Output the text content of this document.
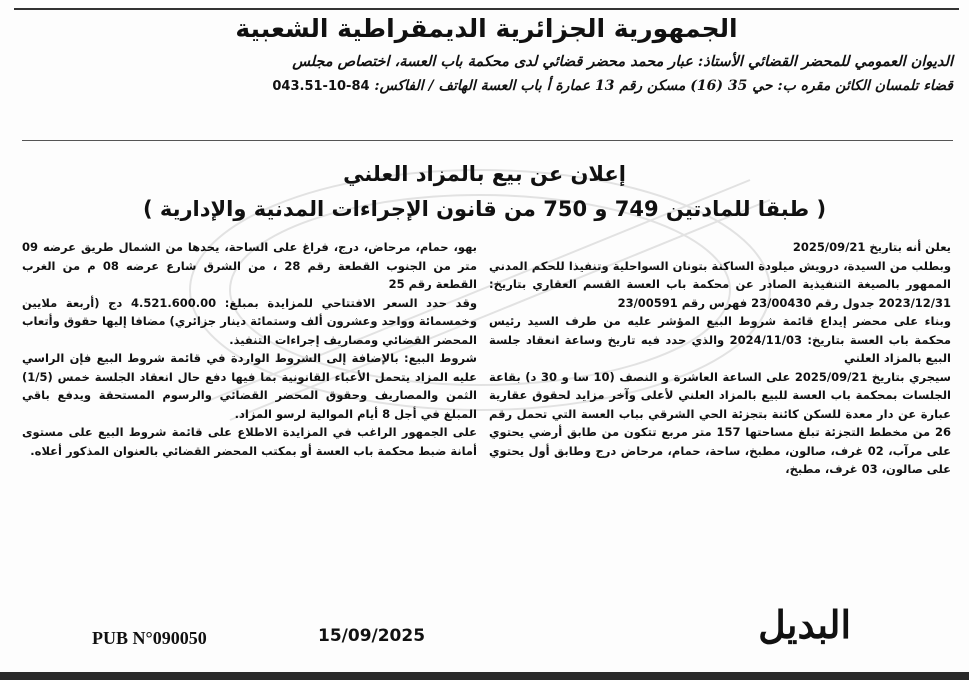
الجمهورية الجزائرية الديمقراطية الشعبية
الديوان العمومي للمحضر القضائي الأستاذ: عبار محمد محضر قضائي لدى محكمة باب العسة، اختصاص مجلس
قضاء تلمسان الكائن مقره ب: حي 35 (16) مسكن رقم 13 عمارة أ باب العسة الهاتف / الفاكس: 043.51-10-84
إعلان عن بيع بالمزاد العلني
( طبقا للمادتين 749 و 750 من قانون الإجراءات المدنية والإدارية )

يعلن أنه بتاريخ 2025/09/21

وبطلب من السيدة، درويش ميلودة الساكنة بتونان السواحلية وتنفيذا للحكم المدني الممهور بالصيغة التنفيذية الصادر عن محكمة باب العسة القسم العقاري بتاريخ: 2023/12/31 جدول رقم 23/00430 فهرس رقم 23/00591

وبناء على محضر إيداع قائمة شروط البيع المؤشر عليه من طرف السيد رئيس محكمة باب العسة بتاريخ: 2024/11/03 والذي حدد فيه تاريخ وساعة انعقاد جلسة البيع بالمزاد العلني

سيجري بتاريخ 2025/09/21 على الساعة العاشرة و النصف (10 سا و 30 د) بقاعة الجلسات بمحكمة باب العسة للبيع بالمزاد العلني لأعلى وآخر مزايد لحقوق عقارية عبارة عن دار معدة للسكن كائنة بتجزئة الحي الشرقي بباب العسة التي تحمل رقم 26 من مخطط التجزئة تبلغ مساحتها 157 متر مربع تتكون من طابق أرضي يحتوي على مرآب، 02 غرف، صالون، مطبخ، ساحة، حمام، مرحاض درج وطابق أول يحتوي على صالون، 03 غرف، مطبخ،

بهو، حمام، مرحاض، درج، فراغ على الساحة، يحدها من الشمال طريق عرضه 09 متر من الجنوب القطعة رقم 28 ، من الشرق شارع عرضه 08 م من الغرب القطعة رقم 25

وقد حدد السعر الافتتاحي للمزايدة بمبلغ: 4.521.600.00 دج (أربعة ملايين وخمسمائة وواحد وعشرون ألف وستمائة دينار جزائري) مضافا إليها حقوق وأتعاب المحضر القضائي ومصاريف إجراءات التنفيذ.

شروط البيع: بالإضافة إلى الشروط الواردة في قائمة شروط البيع فإن الراسي عليه المزاد يتحمل الأعباء القانونية بما فيها دفع حال انعقاد الجلسة خمس (1/5) الثمن والمصاريف وحقوق المحضر القضائي والرسوم المستحقة ويدفع باقي المبلغ في أجل 8 أيام الموالية لرسو المزاد.

على الجمهور الراغب في المزايدة الاطلاع على قائمة شروط البيع على مستوى أمانة ضبط محكمة باب العسة أو بمكتب المحضر القضائي بالعنوان المذكور أعلاه.

البديل
15/09/2025
PUB N°090050
